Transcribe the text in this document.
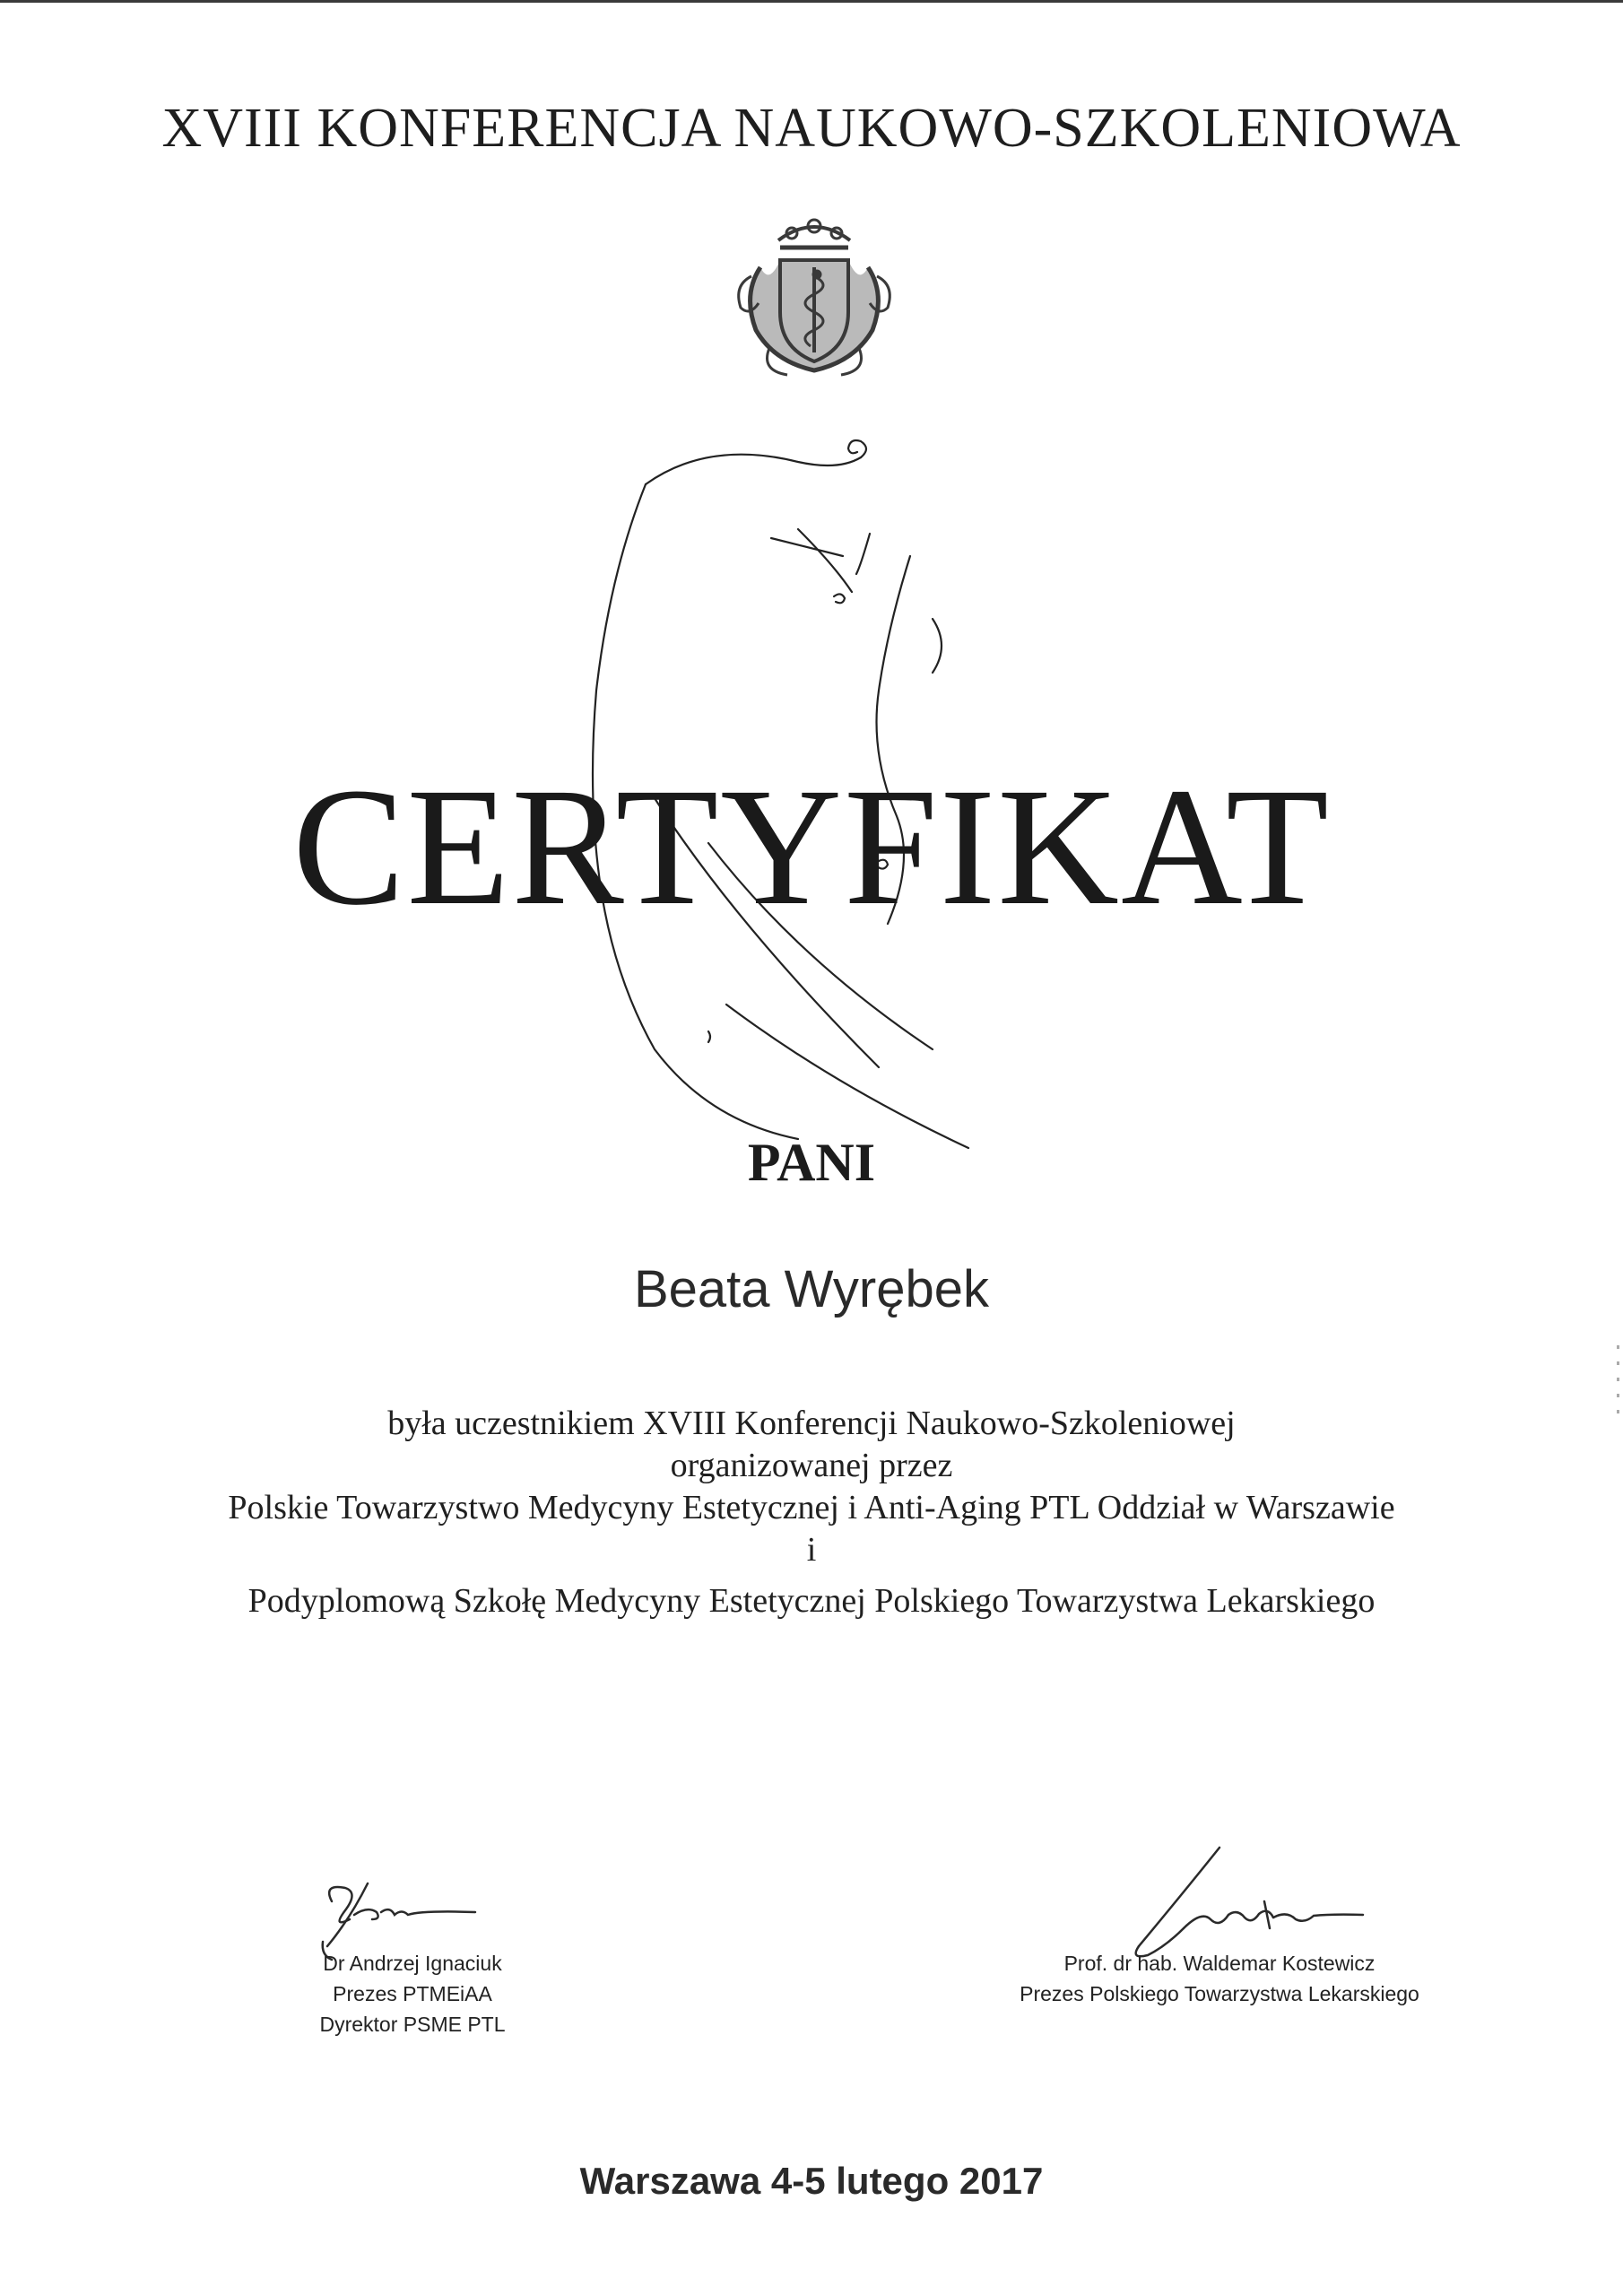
XVIII KONFERENCJA NAUKOWO-SZKOLENIOWA
CERTYFIKAT
PANI
Beata Wyrębek
była uczestnikiem XVIII Konferencji Naukowo-Szkoleniowej
organizowanej przez
Polskie Towarzystwo Medycyny Estetycznej i Anti-Aging PTL Oddział w Warszawie
i
Podyplomową Szkołę Medycyny Estetycznej Polskiego Towarzystwa Lekarskiego
Dr Andrzej Ignaciuk
Prezes PTMEiAA
Dyrektor PSME PTL
Prof. dr hab. Waldemar Kostewicz
Prezes Polskiego Towarzystwa Lekarskiego
Warszawa 4-5 lutego 2017
